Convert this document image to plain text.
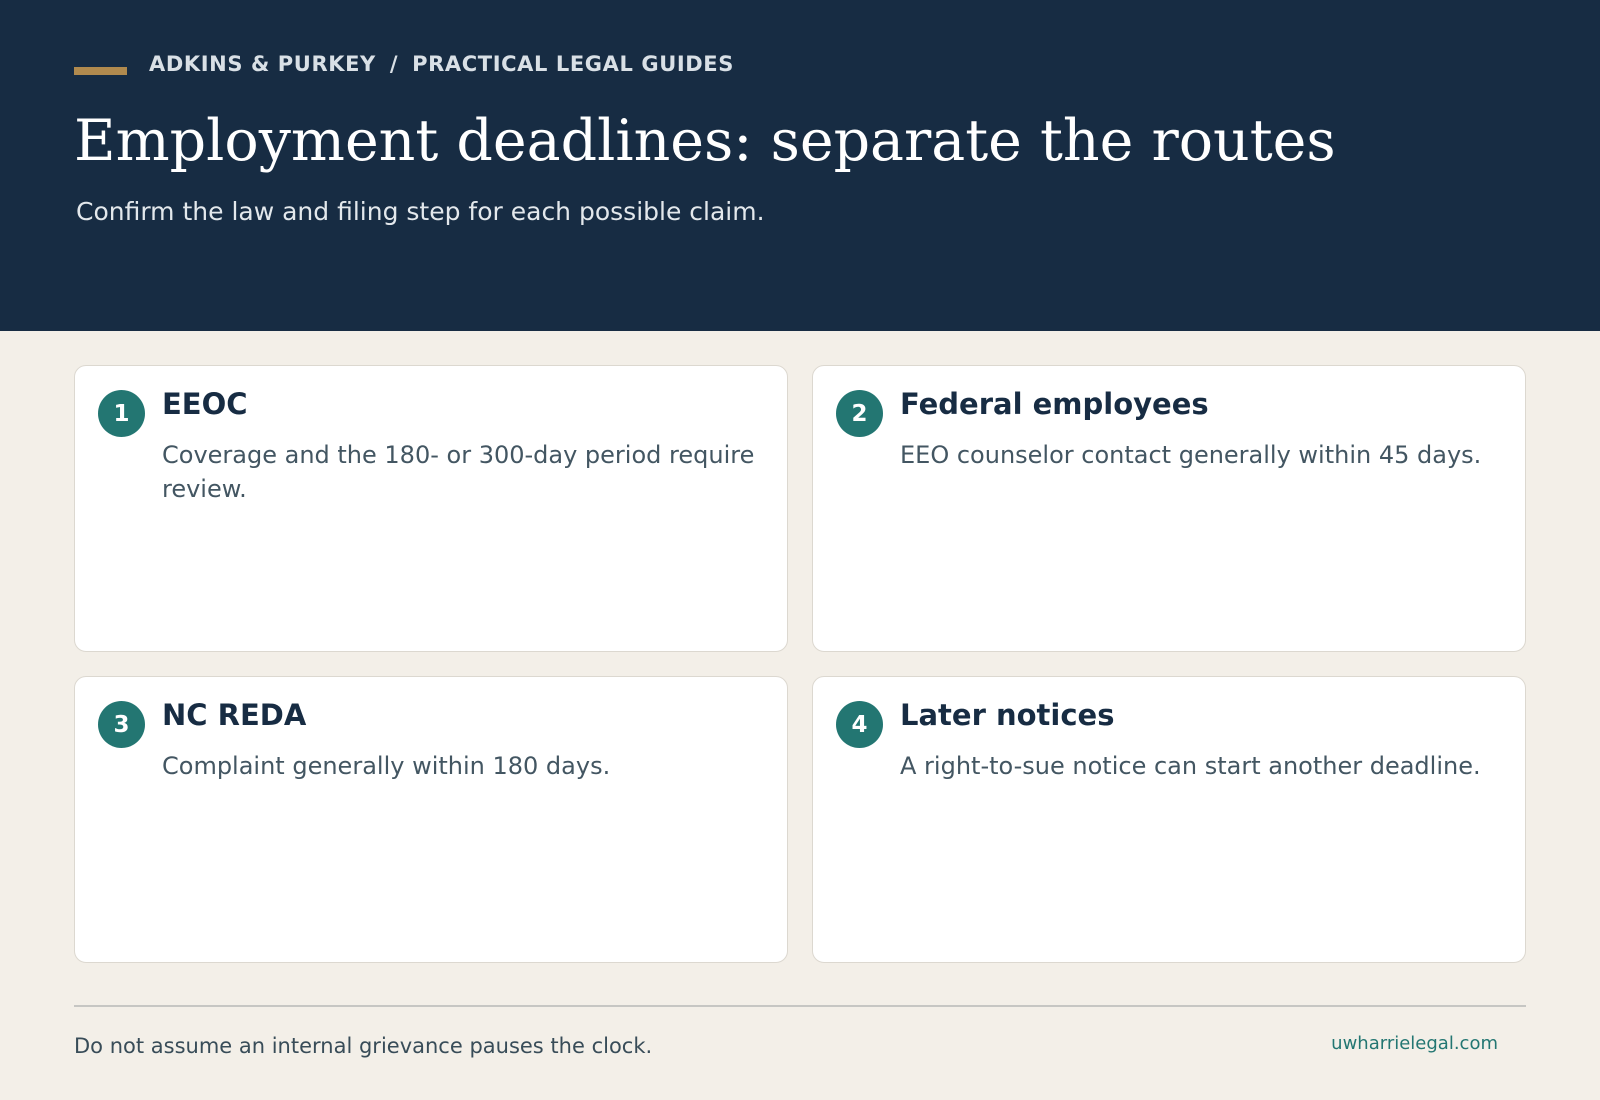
ADKINS & PURKEY / PRACTICAL LEGAL GUIDES
Employment deadlines: separate the routes

Confirm the law and filing step for each possible claim.

1	EEOC
Coverage and the 180- or 300-day period require review.
2	Federal employees
EEO counselor contact generally within 45 days.
3	NC REDA
Complaint generally within 180 days.
4	Later notices
A right-to-sue notice can start another deadline.

Do not assume an internal grievance pauses the clock.	uwharrielegal.com
